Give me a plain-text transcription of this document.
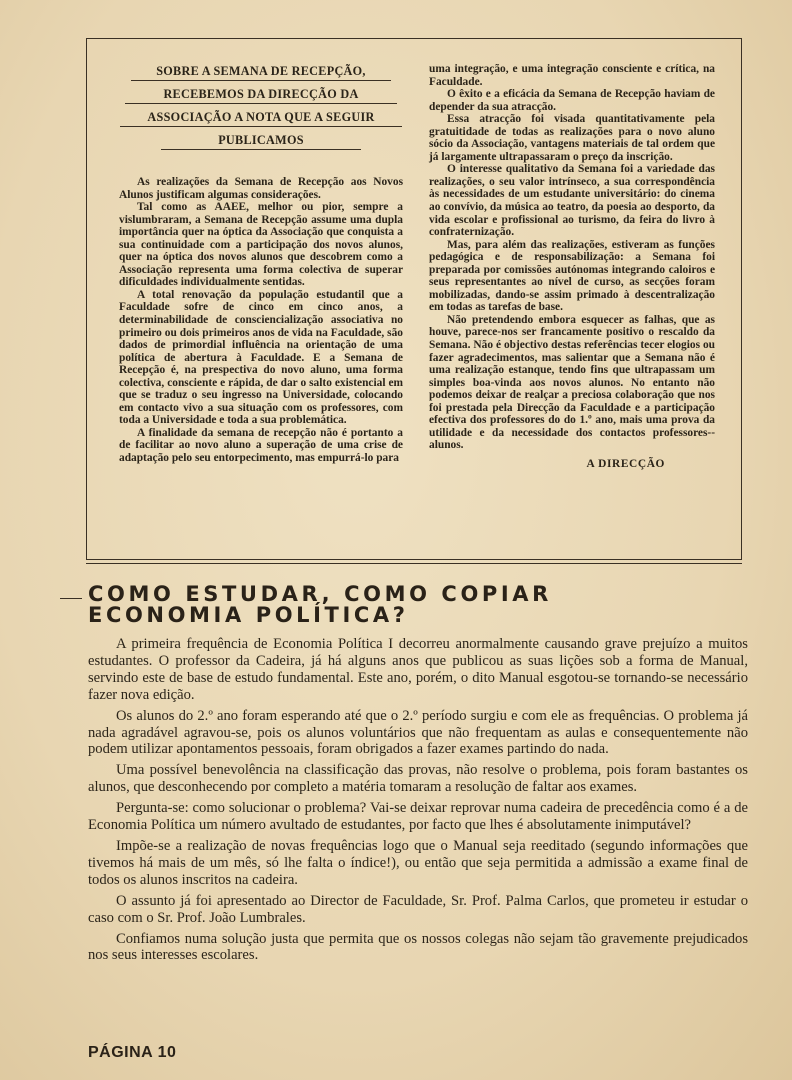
SOBRE A SEMANA DE RECEPÇÃO,
RECEBEMOS DA DIRECÇÃO DA
ASSOCIAÇÃO A NOTA QUE A SEGUIR
PUBLICAMOS

As realizações da Semana de Recepção aos Novos Alunos justificam algumas considerações.

Tal como as AAEE, melhor ou pior, sempre a vislumbraram, a Semana de Recepção assume uma dupla importância quer na óptica da Associação que conquista a sua continuidade com a participação dos novos alunos, quer na óptica dos novos alunos que descobrem como a Associação representa uma forma colectiva de superar dificuldades individualmente sentidas.

A total renovação da população estudantil que a Faculdade sofre de cinco em cinco anos, a determinabilidade de consciencialização associativa no primeiro ou dois primeiros anos de vida na Faculdade, são dados de primordial influência na orientação de uma política de abertura à Faculdade. E a Semana de Recepção é, na prespectiva do novo aluno, uma forma colectiva, consciente e rápida, de dar o salto existencial em que se traduz o seu ingresso na Universidade, colocando em contacto vivo a sua situação com os professores, com toda a Universidade e toda a sua problemática.

A finalidade da semana de recepção não é portanto a de facilitar ao novo aluno a superação de uma crise de adaptação pelo seu entorpecimento, mas empurrá-lo para

uma integração, e uma integração consciente e crítica, na Faculdade.

O êxito e a eficácia da Semana de Recepção haviam de depender da sua atracção.

Essa atracção foi visada quantitativamente pela gratuitidade de todas as realizações para o novo aluno sócio da Associação, vantagens materiais de tal ordem que já largamente ultrapassaram o preço da inscrição.

O interesse qualitativo da Semana foi a variedade das realizações, o seu valor intrínseco, a sua correspondência às necessidades de um estudante universitário: do cinema ao convívio, da música ao teatro, da poesia ao desporto, da vida escolar e profissional ao turismo, da feira do livro à confraternização.

Mas, para além das realizações, estiveram as funções pedagógica e de responsabilização: a Semana foi preparada por comissões autónomas integrando caloiros e seus representantes ao nível de curso, as secções foram mobilizadas, dando-se assim primado à descentralização em todas as tarefas de base.

Não pretendendo embora esquecer as falhas, que as houve, parece-nos ser francamente positivo o rescaldo da Semana. Não é objectivo destas referências tecer elogios ou fazer agradecimentos, mas salientar que a Semana não é uma realização estanque, tendo fins que ultrapassam um simples boa-vinda aos novos alunos. No entanto não podemos deixar de realçar a preciosa colaboração que nos foi prestada pela Direcção da Faculdade e a participação efectiva dos professores do do 1.º ano, mais uma prova da utilidade e da necessidade dos contactos professores--alunos.

A DIRECÇÃO
COMO ESTUDAR, COMO COPIAR
ECONOMIA POLÍTICA?

A primeira frequência de Economia Política I decorreu anormalmente causando grave prejuízo a muitos estudantes. O professor da Cadeira, já há alguns anos que publicou as suas lições sob a forma de Manual, servindo este de base de estudo fundamental. Este ano, porém, o dito Manual esgotou-se tornando-se necessário fazer nova edição.

Os alunos do 2.º ano foram esperando até que o 2.º período surgiu e com ele as frequências. O problema já nada agradável agravou-se, pois os alunos voluntários que não frequentam as aulas e consequentemente não podem utilizar apontamentos pessoais, foram obrigados a fazer exames partindo do nada.

Uma possível benevolência na classificação das provas, não resolve o problema, pois foram bastantes os alunos, que desconhecendo por completo a matéria tomaram a resolução de faltar aos exames.

Pergunta-se: como solucionar o problema? Vai-se deixar reprovar numa cadeira de precedência como é a de Economia Política um número avultado de estudantes, por facto que lhes é absolutamente inimputável?

Impõe-se a realização de novas frequências logo que o Manual seja reeditado (segundo informações que tivemos há mais de um mês, só lhe falta o índice!), ou então que seja permitida a admissão a exame final de todos os alunos inscritos na cadeira.

O assunto já foi apresentado ao Director de Faculdade, Sr. Prof. Palma Carlos, que prometeu ir estudar o caso com o Sr. Prof. João Lumbrales.

Confiamos numa solução justa que permita que os nossos colegas não sejam tão gravemente prejudicados nos seus interesses escolares.

PÁGINA 10
